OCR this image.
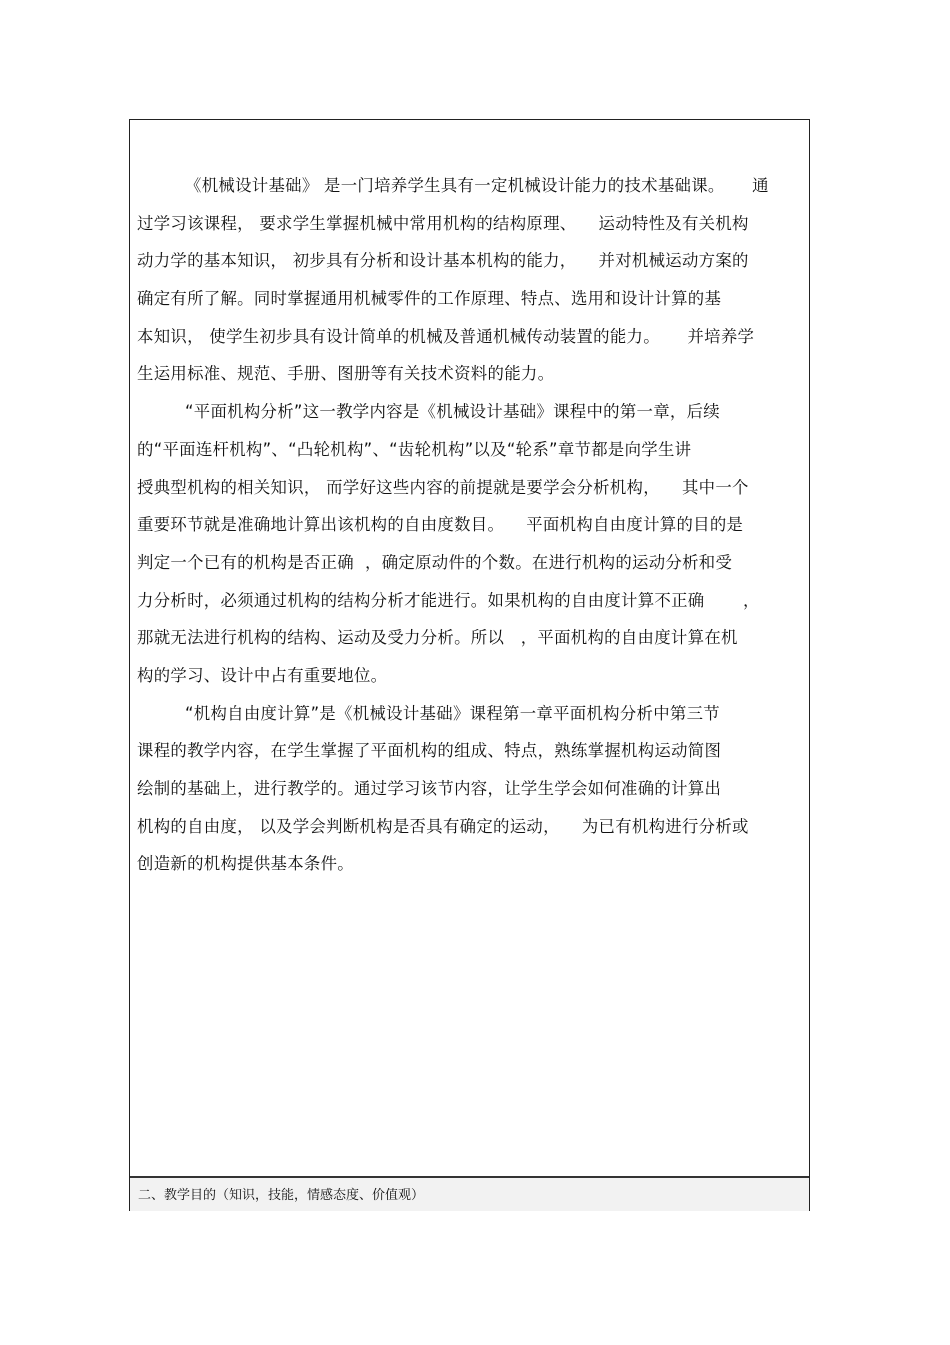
《机械设计基础》 是一门培养学生具有一定机械设计能力的技术基础课。     通
过学习该课程， 要求学生掌握机械中常用机构的结构原理、    运动特性及有关机构
动力学的基本知识， 初步具有分析和设计基本机构的能力，    并对机械运动方案的
确定有所了解。同时掌握通用机械零件的工作原理、特点、选用和设计计算的基
本知识， 使学生初步具有设计简单的机械及普通机械传动装置的能力。     并培养学
生运用标准、规范、手册、图册等有关技术资料的能力。
“平面机构分析”这一教学内容是《机械设计基础》课程中的第一章，后续
的“平面连杆机构”、“凸轮机构”、“齿轮机构”以及“轮系”章节都是向学生讲
授典型机构的相关知识， 而学好这些内容的前提就是要学会分析机构，    其中一个
重要环节就是准确地计算出该机构的自由度数目。    平面机构自由度计算的目的是
判定一个已有的机构是否正确  ，确定原动件的个数。在进行机构的运动分析和受
力分析时，必须通过机构的结构分析才能进行。如果机构的自由度计算不正确       ，
那就无法进行机构的结构、运动及受力分析。所以   ，平面机构的自由度计算在机
构的学习、设计中占有重要地位。
“机构自由度计算”是《机械设计基础》课程第一章平面机构分析中第三节
课程的教学内容，在学生掌握了平面机构的组成、特点，熟练掌握机构运动简图
绘制的基础上，进行教学的。通过学习该节内容，让学生学会如何准确的计算出
机构的自由度， 以及学会判断机构是否具有确定的运动，    为已有机构进行分析或
创造新的机构提供基本条件。
二、教学目的（知识，技能，情感态度、价值观）
